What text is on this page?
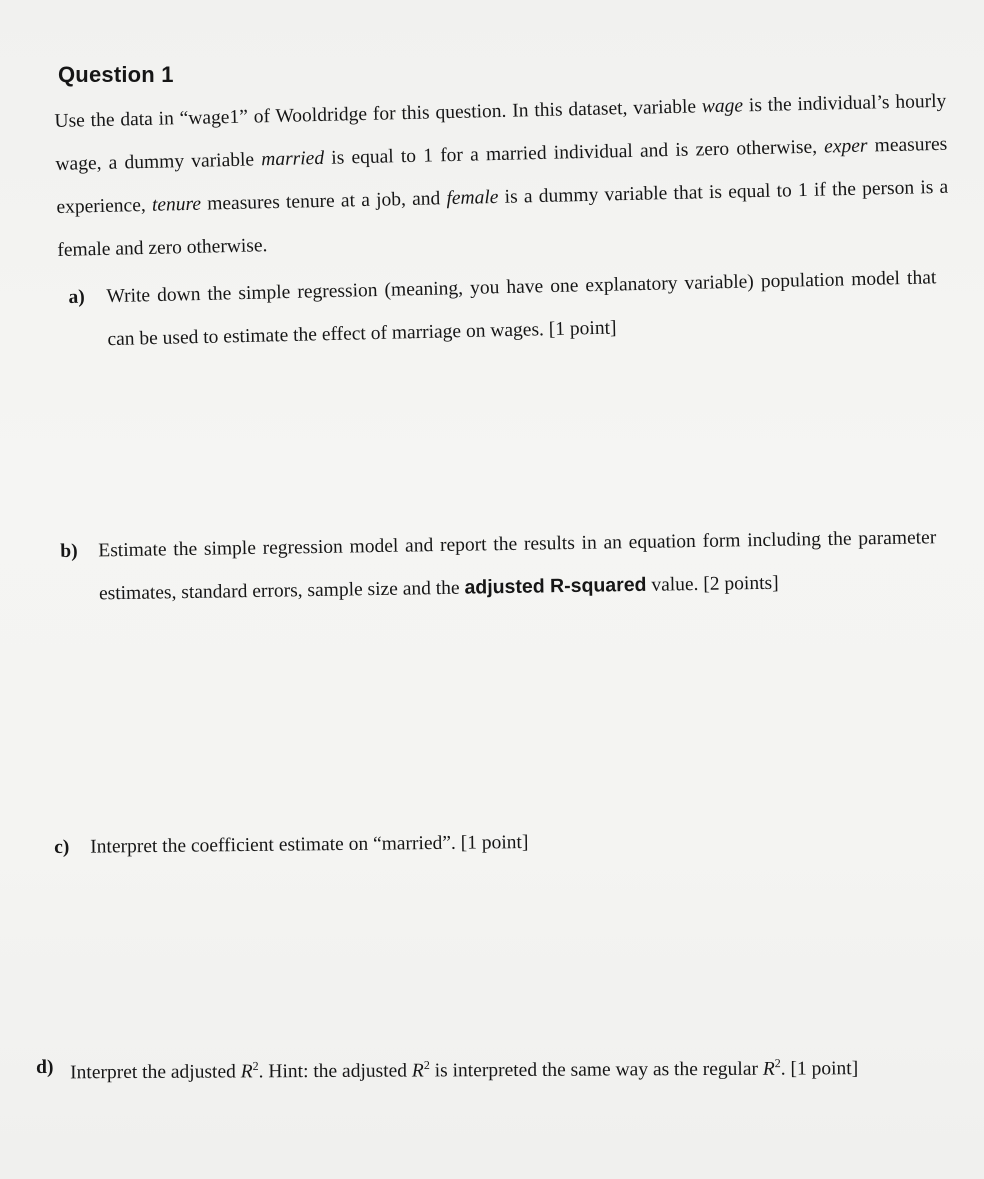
Question 1
Use the data in “wage1” of Wooldridge for this question. In this dataset, variable wage is the individual’s hourly wage, a dummy variable married is equal to 1 for a married individual and is zero otherwise, exper measures experience, tenure measures tenure at a job, and female is a dummy variable that is equal to 1 if the person is a female and zero otherwise.
a)	Write down the simple regression (meaning, you have one explanatory variable) population model that can be used to estimate the effect of marriage on wages. [1 point]
b)	Estimate the simple regression model and report the results in an equation form including the parameter estimates, standard errors, sample size and the adjusted R-squared value. [2 points]
c)	Interpret the coefficient estimate on “married”. [1 point]
d) Interpret the adjusted $R^2$. Hint: the adjusted $R^2$ is interpreted the same way as the regular $R^2$. [1 point]
